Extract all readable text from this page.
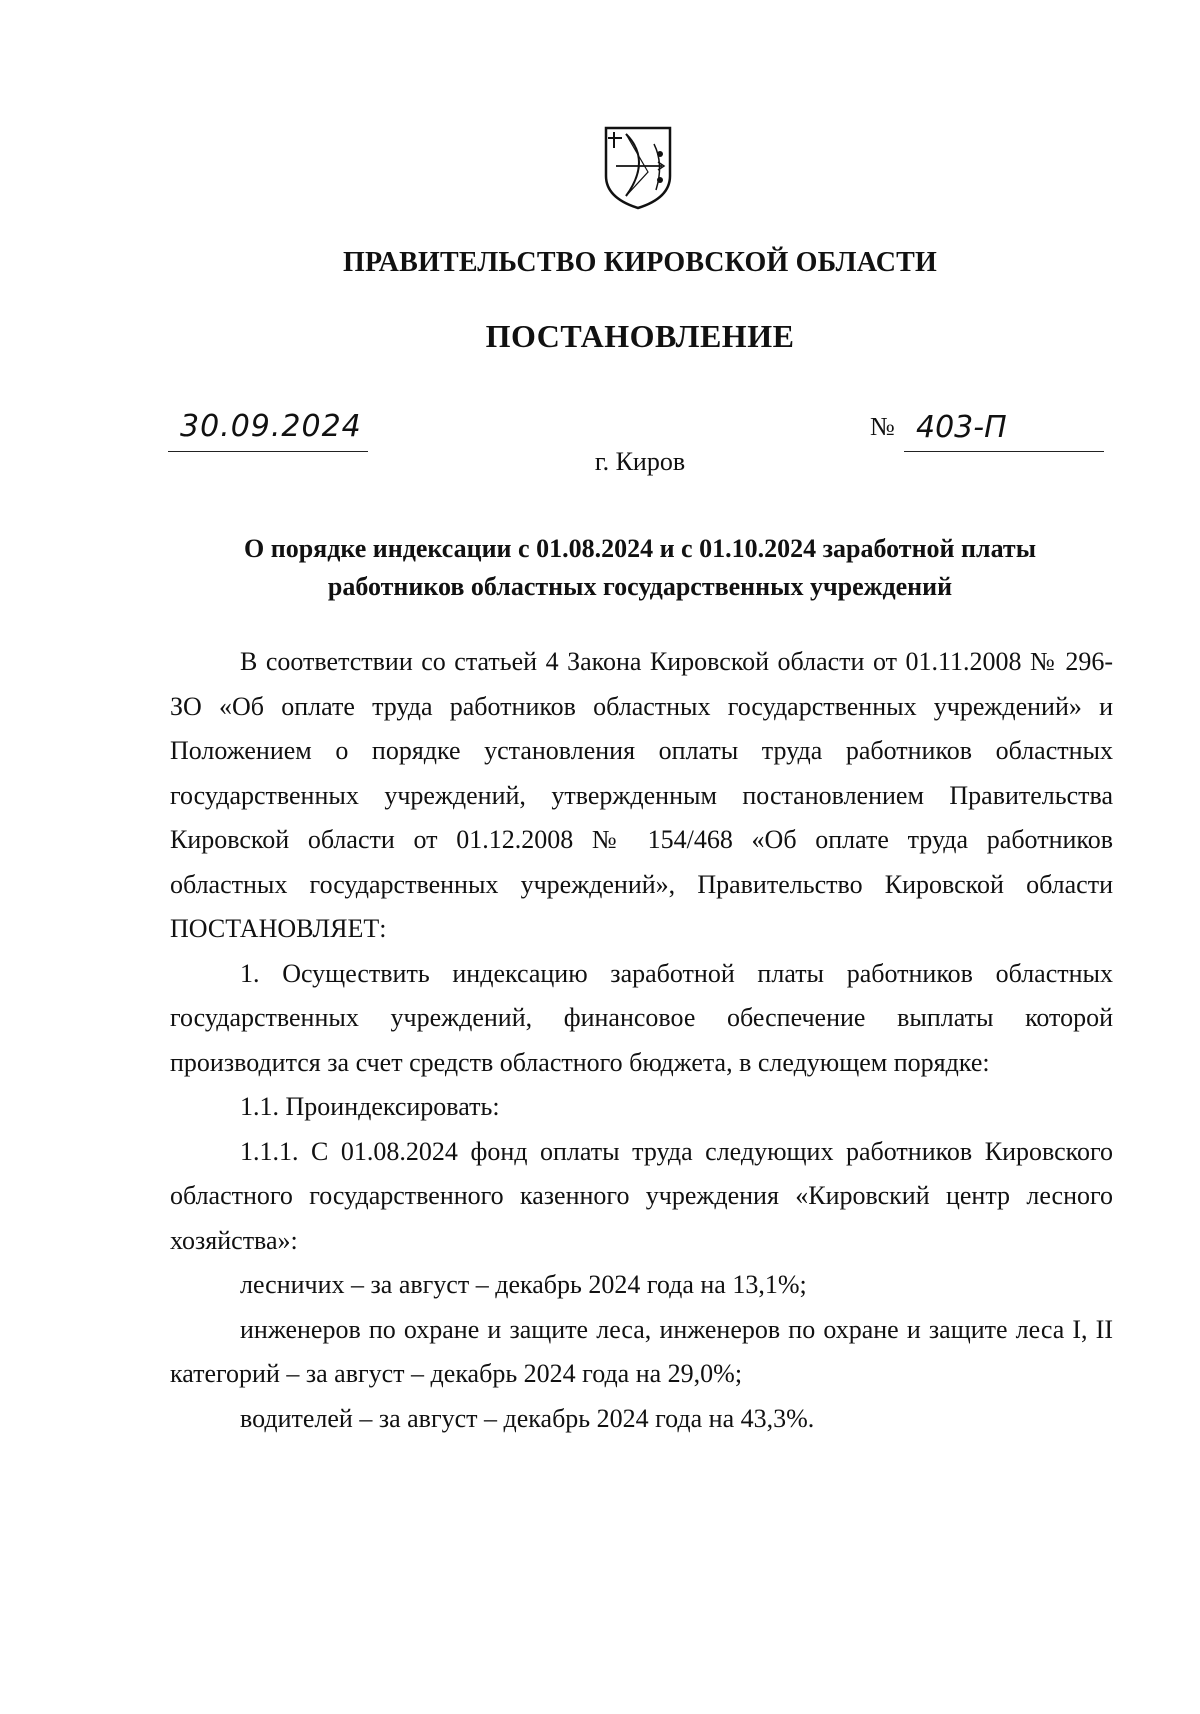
ПРАВИТЕЛЬСТВО КИРОВСКОЙ ОБЛАСТИ
ПОСТАНОВЛЕНИЕ
30.09.2024	№ 403-П
г. Киров
О порядке индексации с 01.08.2024 и с 01.10.2024 заработной платы
работников областных государственных учреждений

В соответствии со статьей 4 Закона Кировской области от 01.11.2008 № 296-ЗО «Об оплате труда работников областных государственных учреждений» и Положением о порядке установления оплаты труда работников областных государственных учреждений, утвержденным постановлением Правительства Кировской области от 01.12.2008 № 154/468 «Об оплате труда работников областных государственных учреждений», Правительство Кировской области ПОСТАНОВЛЯЕТ:

1. Осуществить индексацию заработной платы работников областных государственных учреждений, финансовое обеспечение выплаты которой производится за счет средств областного бюджета, в следующем порядке:

1.1. Проиндексировать:

1.1.1. С 01.08.2024 фонд оплаты труда следующих работников Кировского областного государственного казенного учреждения «Кировский центр лесного хозяйства»:

лесничих – за август – декабрь 2024 года на 13,1%;

инженеров по охране и защите леса, инженеров по охране и защите леса I, II категорий – за август – декабрь 2024 года на 29,0%;

водителей – за август – декабрь 2024 года на 43,3%.
